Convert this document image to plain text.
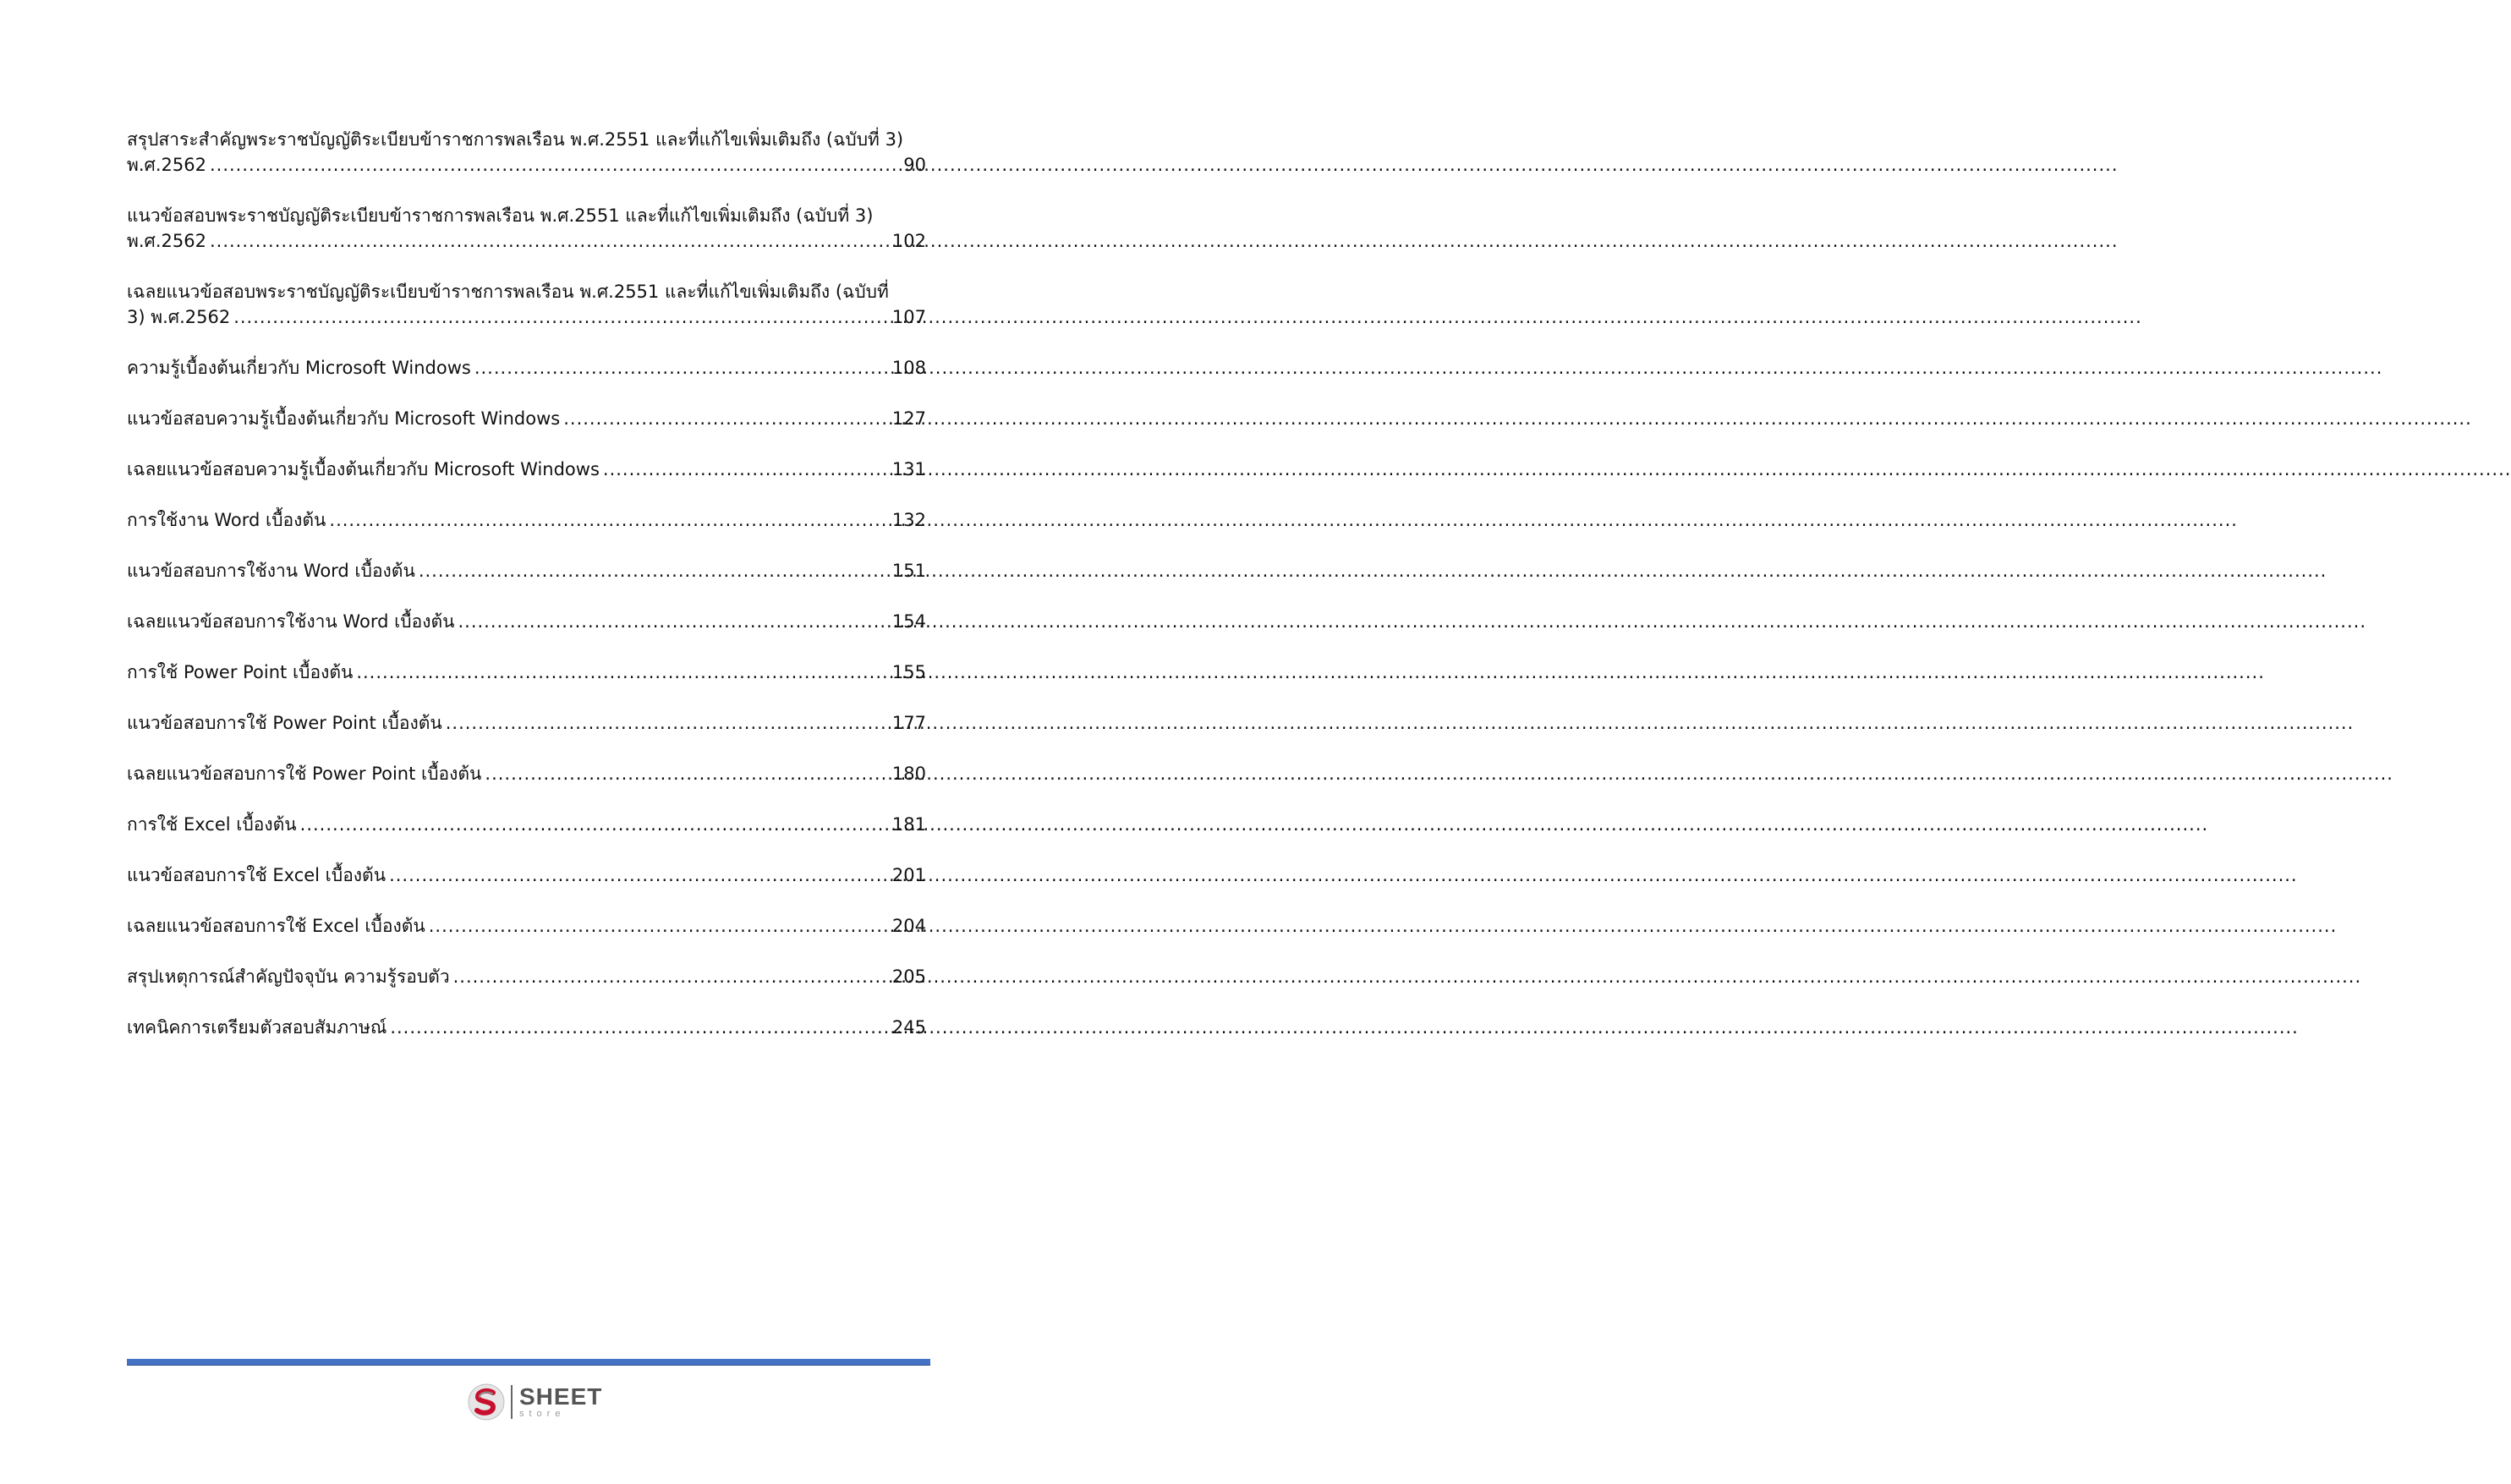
สรุปสาระสำคัญพระราชบัญญัติระเบียบข้าราชการพลเรือน พ.ศ.2551 และที่แก้ไขเพิ่มเติมถึง (ฉบับที่ 3)
พ.ศ.2562 .....	90
แนวข้อสอบพระราชบัญญัติระเบียบข้าราชการพลเรือน พ.ศ.2551 และที่แก้ไขเพิ่มเติมถึง (ฉบับที่ 3)
พ.ศ.2562 .....	102
เฉลยแนวข้อสอบพระราชบัญญัติระเบียบข้าราชการพลเรือน พ.ศ.2551 และที่แก้ไขเพิ่มเติมถึง (ฉบับที่
3) พ.ศ.2562 .....	107
ความรู้เบื้องต้นเกี่ยวกับ Microsoft Windows .....	108
แนวข้อสอบความรู้เบื้องต้นเกี่ยวกับ Microsoft Windows .....	127
เฉลยแนวข้อสอบความรู้เบื้องต้นเกี่ยวกับ Microsoft Windows .....	131
การใช้งาน Word เบื้องต้น .....	132
แนวข้อสอบการใช้งาน Word เบื้องต้น .....	151
เฉลยแนวข้อสอบการใช้งาน Word เบื้องต้น .....	154
การใช้ Power Point เบื้องต้น .....	155
แนวข้อสอบการใช้ Power Point เบื้องต้น .....	177
เฉลยแนวข้อสอบการใช้ Power Point เบื้องต้น .....	180
การใช้ Excel เบื้องต้น .....	181
แนวข้อสอบการใช้ Excel เบื้องต้น .....	201
เฉลยแนวข้อสอบการใช้ Excel เบื้องต้น .....	204
สรุปเหตุการณ์สำคัญปัจจุบัน ความรู้รอบตัว .....	205
เทคนิคการเตรียมตัวสอบสัมภาษณ์ .....	245
SHEET
store
